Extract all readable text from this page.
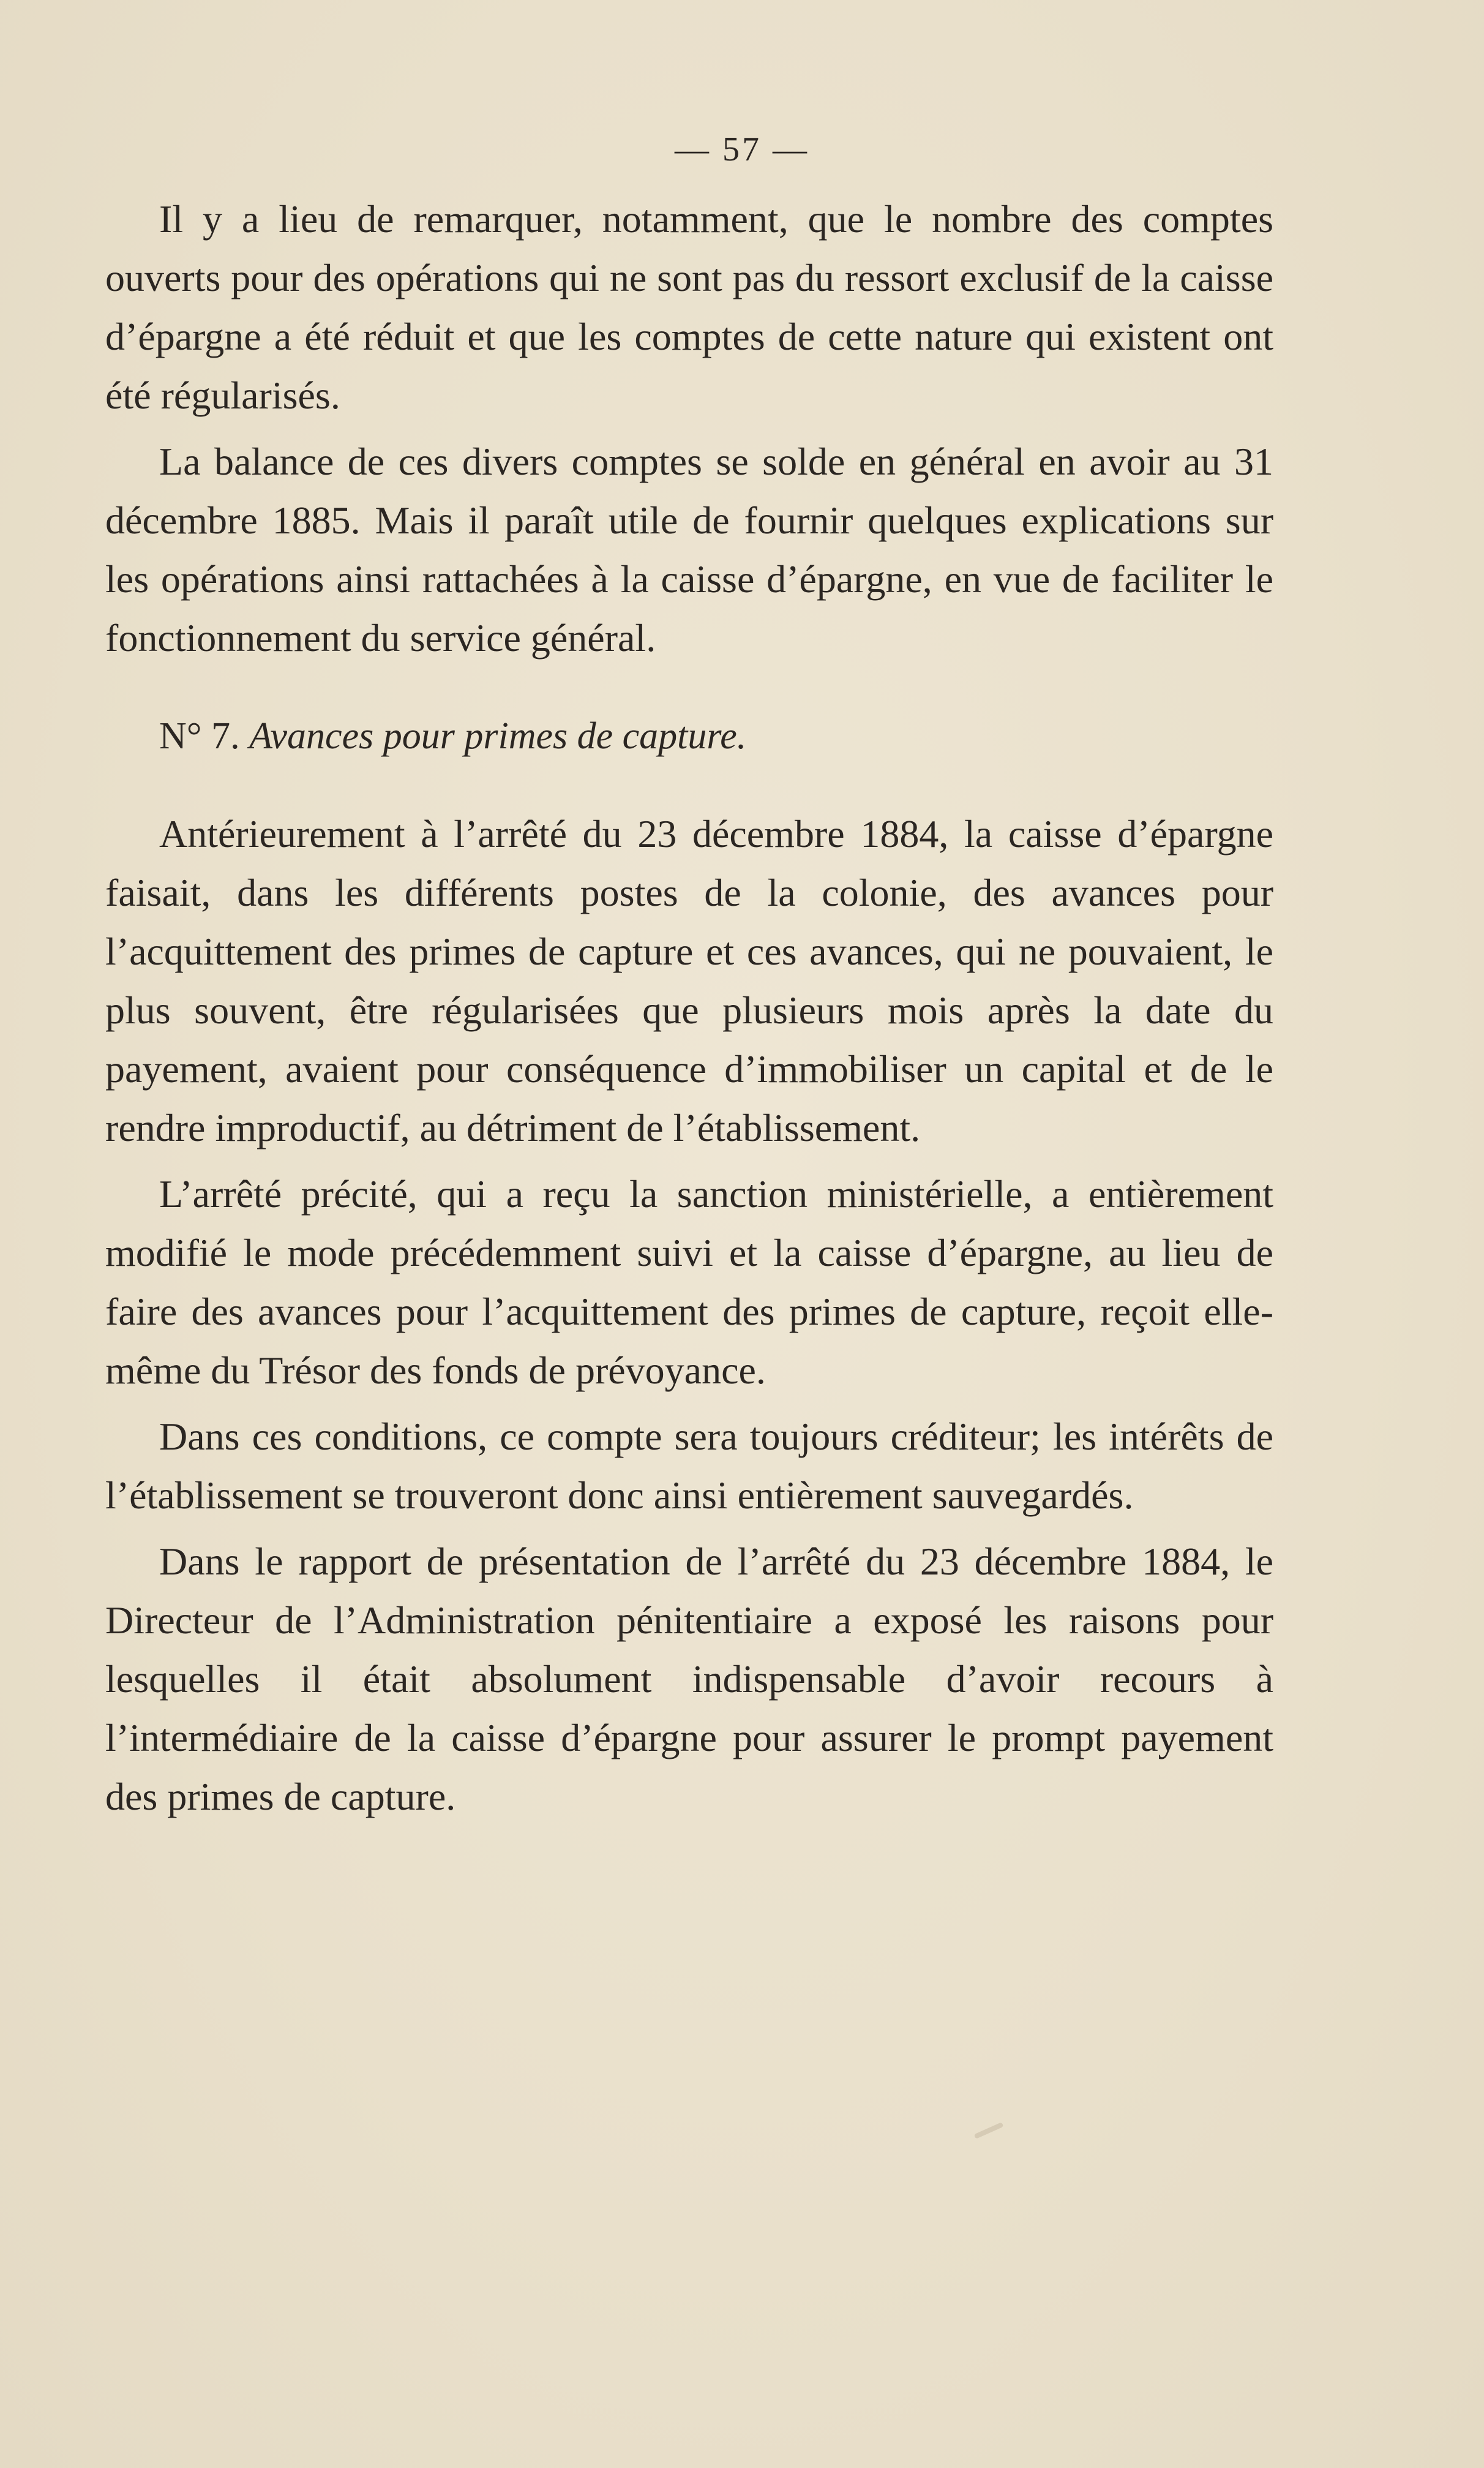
— 57 —

Il y a lieu de remarquer, notamment, que le nombre des comptes ouverts pour des opérations qui ne sont pas du ressort exclusif de la caisse d’épargne a été réduit et que les comptes de cette nature qui existent ont été régularisés.

La balance de ces divers comptes se solde en général en avoir au 31 décembre 1885. Mais il paraît utile de fournir quelques explications sur les opérations ainsi rattachées à la caisse d’épargne, en vue de faciliter le fonctionnement du service général.

N° 7. Avances pour primes de capture.

Antérieurement à l’arrêté du 23 décembre 1884, la caisse d’épargne faisait, dans les différents postes de la colonie, des avances pour l’acquittement des primes de capture et ces avances, qui ne pouvaient, le plus souvent, être régularisées que plusieurs mois après la date du payement, avaient pour conséquence d’immobiliser un capital et de le rendre improductif, au détriment de l’établissement.

L’arrêté précité, qui a reçu la sanction ministérielle, a entièrement modifié le mode précédemment suivi et la caisse d’épargne, au lieu de faire des avances pour l’acquittement des primes de capture, reçoit elle-même du Trésor des fonds de prévoyance.

Dans ces conditions, ce compte sera toujours créditeur; les intérêts de l’établissement se trouveront donc ainsi entièrement sauvegardés.

Dans le rapport de présentation de l’arrêté du 23 décembre 1884, le Directeur de l’Administration pénitentiaire a exposé les raisons pour lesquelles il était absolument indispensable d’avoir recours à l’intermédiaire de la caisse d’épargne pour assurer le prompt payement des primes de capture.
